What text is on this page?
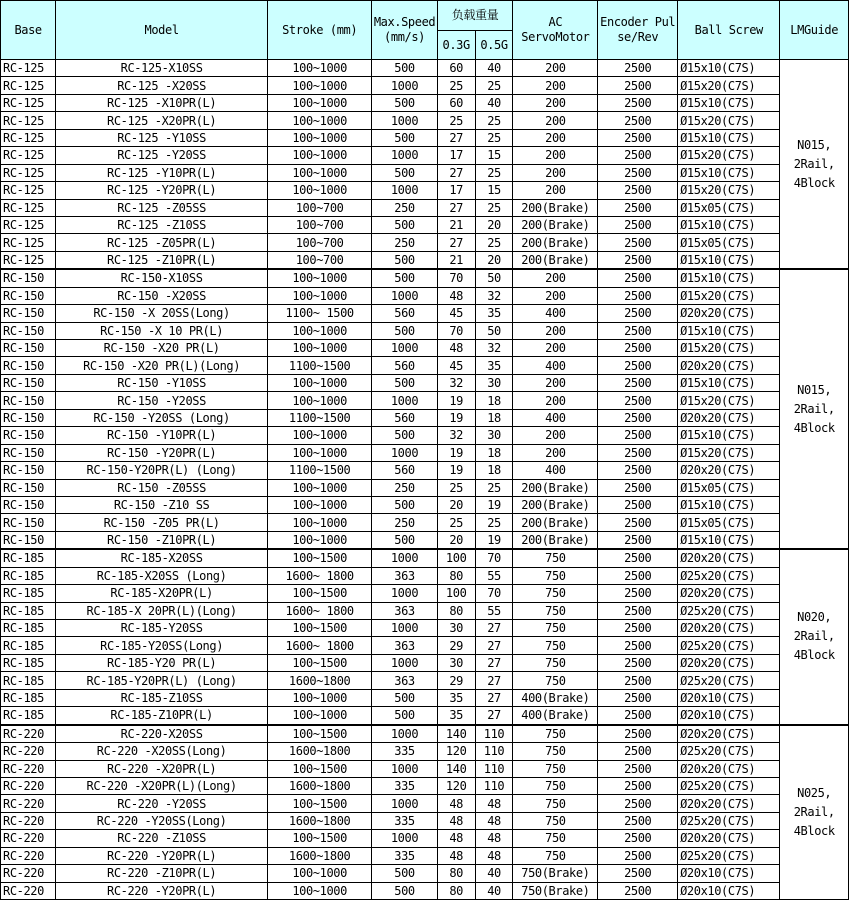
Base	Model	Stroke (mm)	Max.Speed(mm/s)	负载重量		AC ServoMotor	Encoder Pulse/Rev	Ball Screw	LMGuide
				0.3G	0.5G				
RC-125	RC-125-X10SS	100~1000	500	60	40	200	2500	Ø15x10(C7S)	N015,
2Rail,
4Block

RC-125	RC-125 -X20SS	100~1000	1000	25	25	200	2500	Ø15x20(C7S)	
RC-125	RC-125 -X10PR(L)	100~1000	500	60	40	200	2500	Ø15x10(C7S)	
RC-125	RC-125 -X20PR(L)	100~1000	1000	25	25	200	2500	Ø15x20(C7S)	
RC-125	RC-125 -Y10SS	100~1000	500	27	25	200	2500	Ø15x10(C7S)	
RC-125	RC-125 -Y20SS	100~1000	1000	17	15	200	2500	Ø15x20(C7S)	
RC-125	RC-125 -Y10PR(L)	100~1000	500	27	25	200	2500	Ø15x10(C7S)	
RC-125	RC-125 -Y20PR(L)	100~1000	1000	17	15	200	2500	Ø15x20(C7S)	
RC-125	RC-125 -Z05SS	100~700	250	27	25	200(Brake)	2500	Ø15x05(C7S)	
RC-125	RC-125 -Z10SS	100~700	500	21	20	200(Brake)	2500	Ø15x10(C7S)	
RC-125	RC-125 -Z05PR(L)	100~700	250	27	25	200(Brake)	2500	Ø15x05(C7S)	
RC-125	RC-125 -Z10PR(L)	100~700	500	21	20	200(Brake)	2500	Ø15x10(C7S)	
RC-150	RC-150-X10SS	100~1000	500	70	50	200	2500	Ø15x10(C7S)	N015,
2Rail,
4Block

RC-150	RC-150 -X20SS	100~1000	1000	48	32	200	2500	Ø15x20(C7S)	
RC-150	RC-150 -X 20SS(Long)	1100~ 1500	560	45	35	400	2500	Ø20x20(C7S)	
RC-150	RC-150 -X 10 PR(L)	100~1000	500	70	50	200	2500	Ø15x10(C7S)	
RC-150	RC-150 -X20 PR(L)	100~1000	1000	48	32	200	2500	Ø15x20(C7S)	
RC-150	RC-150 -X20 PR(L)(Long)	1100~1500	560	45	35	400	2500	Ø20x20(C7S)	
RC-150	RC-150 -Y10SS	100~1000	500	32	30	200	2500	Ø15x10(C7S)	
RC-150	RC-150 -Y20SS	100~1000	1000	19	18	200	2500	Ø15x20(C7S)	
RC-150	RC-150 -Y20SS (Long)	1100~1500	560	19	18	400	2500	Ø20x20(C7S)	
RC-150	RC-150 -Y10PR(L)	100~1000	500	32	30	200	2500	Ø15x10(C7S)	
RC-150	RC-150 -Y20PR(L)	100~1000	1000	19	18	200	2500	Ø15x20(C7S)	
RC-150	RC-150-Y20PR(L) (Long)	1100~1500	560	19	18	400	2500	Ø20x20(C7S)	
RC-150	RC-150 -Z05SS	100~1000	250	25	25	200(Brake)	2500	Ø15x05(C7S)	
RC-150	RC-150 -Z10 SS	100~1000	500	20	19	200(Brake)	2500	Ø15x10(C7S)	
RC-150	RC-150 -Z05 PR(L)	100~1000	250	25	25	200(Brake)	2500	Ø15x05(C7S)	
RC-150	RC-150 -Z10PR(L)	100~1000	500	20	19	200(Brake)	2500	Ø15x10(C7S)	
RC-185	RC-185-X20SS	100~1500	1000	100	70	750	2500	Ø20x20(C7S)	N020,
2Rail,
4Block

RC-185	RC-185-X20SS (Long)	1600~ 1800	363	80	55	750	2500	Ø25x20(C7S)	
RC-185	RC-185-X20PR(L)	100~1500	1000	100	70	750	2500	Ø20x20(C7S)	
RC-185	RC-185-X 20PR(L)(Long)	1600~ 1800	363	80	55	750	2500	Ø25x20(C7S)	
RC-185	RC-185-Y20SS	100~1500	1000	30	27	750	2500	Ø20x20(C7S)	
RC-185	RC-185-Y20SS(Long)	1600~ 1800	363	29	27	750	2500	Ø25x20(C7S)	
RC-185	RC-185-Y20 PR(L)	100~1500	1000	30	27	750	2500	Ø20x20(C7S)	
RC-185	RC-185-Y20PR(L) (Long)	1600~1800	363	29	27	750	2500	Ø25x20(C7S)	
RC-185	RC-185-Z10SS	100~1000	500	35	27	400(Brake)	2500	Ø20x10(C7S)	
RC-185	RC-185-Z10PR(L)	100~1000	500	35	27	400(Brake)	2500	Ø20x10(C7S)	
RC-220	RC-220-X20SS	100~1500	1000	140	110	750	2500	Ø20x20(C7S)	N025,
2Rail,
4Block

RC-220	RC-220 -X20SS(Long)	1600~1800	335	120	110	750	2500	Ø25x20(C7S)	
RC-220	RC-220 -X20PR(L)	100~1500	1000	140	110	750	2500	Ø20x20(C7S)	
RC-220	RC-220 -X20PR(L)(Long)	1600~1800	335	120	110	750	2500	Ø25x20(C7S)	
RC-220	RC-220 -Y20SS	100~1500	1000	48	48	750	2500	Ø20x20(C7S)	
RC-220	RC-220 -Y20SS(Long)	1600~1800	335	48	48	750	2500	Ø25x20(C7S)	
RC-220	RC-220 -Z10SS	100~1500	1000	48	48	750	2500	Ø20x20(C7S)	
RC-220	RC-220 -Y20PR(L)	1600~1800	335	48	48	750	2500	Ø25x20(C7S)	
RC-220	RC-220 -Z10PR(L)	100~1000	500	80	40	750(Brake)	2500	Ø20x10(C7S)	
RC-220	RC-220 -Y20PR(L)	100~1000	500	80	40	750(Brake)	2500	Ø20x10(C7S)	
